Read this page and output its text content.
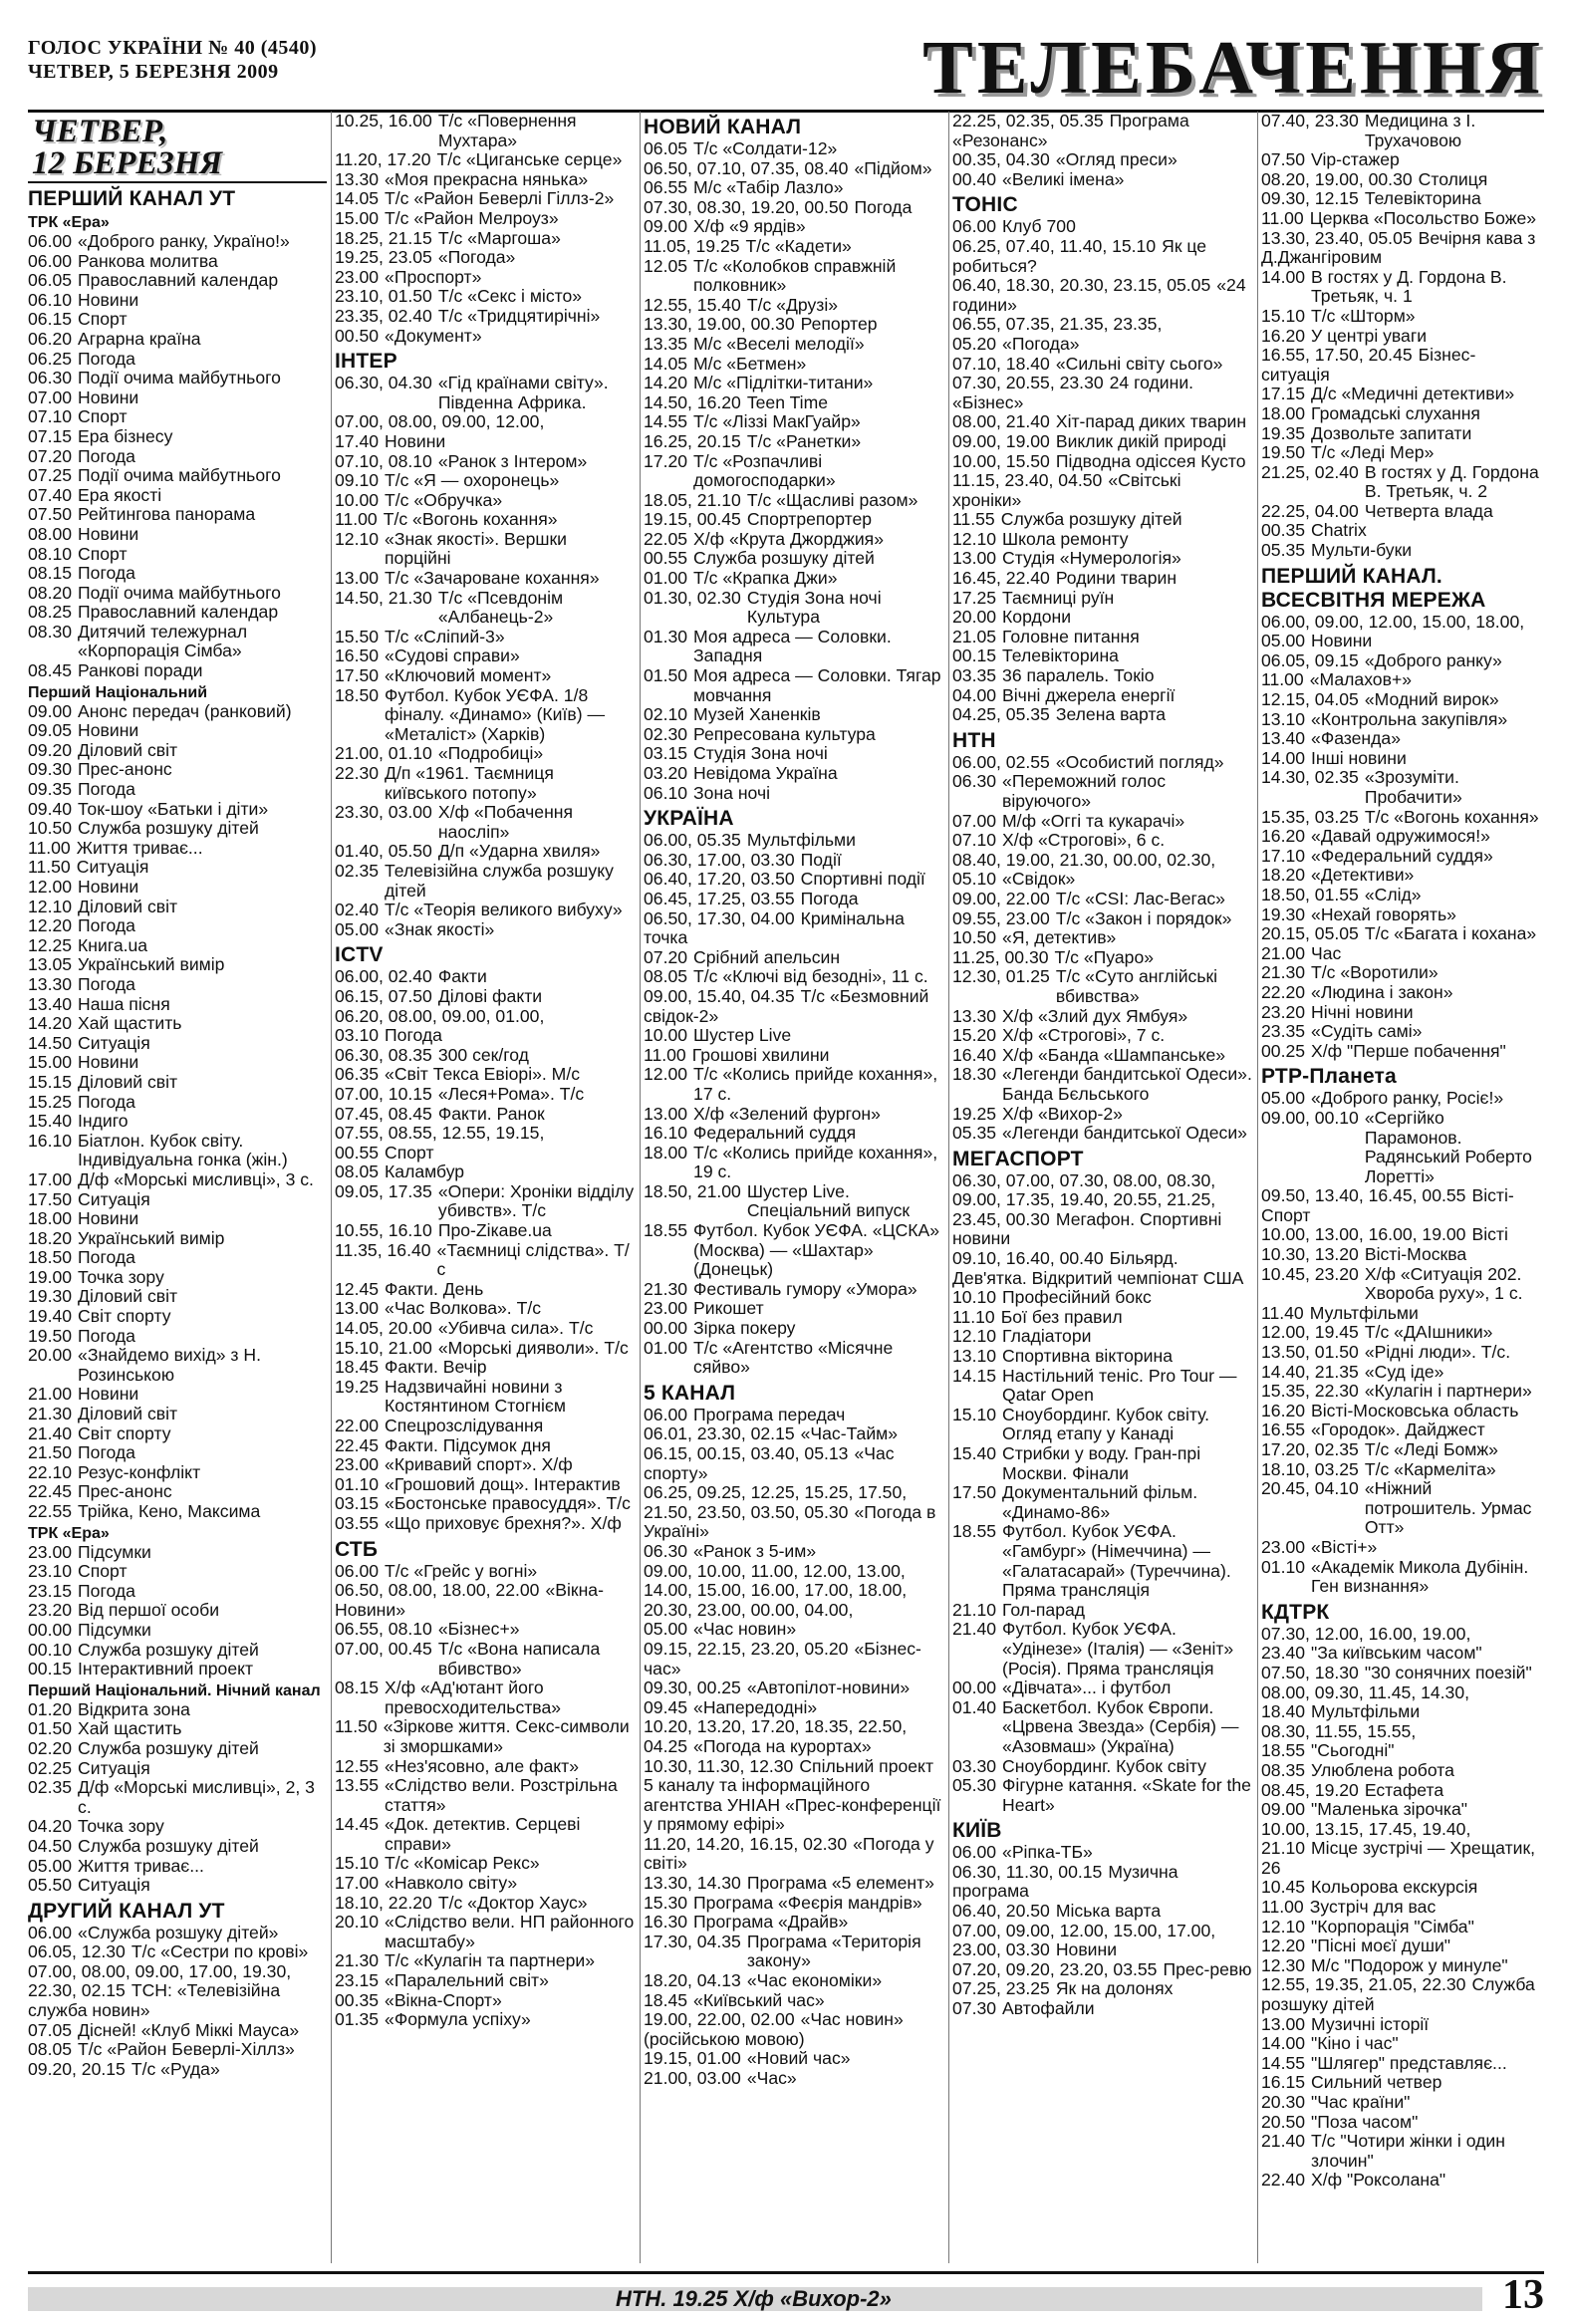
ГОЛОС УКРАЇНИ № 40 (4540)
ЧЕТВЕР, 5 БЕРЕЗНЯ 2009	ТЕЛЕБАЧЕННЯ
ЧЕТВЕР,
12 БЕРЕЗНЯ
ПЕРШИЙ КАНАЛ УТ
ТРК «Ера»
06.00 «Доброго ранку, Україно!»
06.00 Ранкова молитва
06.05 Православний календар
06.10 Новини
06.15 Спорт
06.20 Аграрна країна
06.25 Погода
06.30 Події очима майбутнього
07.00 Новини
07.10 Спорт
07.15 Ера бізнесу
07.20 Погода
07.25 Події очима майбутнього
07.40 Ера якості
07.50 Рейтингова панорама
08.00 Новини
08.10 Спорт
08.15 Погода
08.20 Події очима майбутнього
08.25 Православний календар
08.30 Дитячий тележурнал «Корпорація Сімба»
08.45 Ранкові поради
Перший Національний
09.00 Анонс передач (ранковий)
09.05 Новини
09.20 Діловий світ
09.30 Прес-анонс
09.35 Погода
09.40 Ток-шоу «Батьки і діти»
10.50 Служба розшуку дітей
11.00 Життя триває...
11.50 Ситуація
12.00 Новини
12.10 Діловий світ
12.20 Погода
12.25 Книга.ua
13.05 Український вимір
13.30 Погода
13.40 Наша пісня
14.20 Хай щастить
14.50 Ситуація
15.00 Новини
15.15 Діловий світ
15.25 Погода
15.40 Індиго
16.10 Біатлон. Кубок світу. Індивідуальна гонка (жін.)
17.00 Д/ф «Морські мисливці», 3 с.
17.50 Ситуація
18.00 Новини
18.20 Український вимір
18.50 Погода
19.00 Точка зору
19.30 Діловий світ
19.40 Світ спорту
19.50 Погода
20.00 «Знайдемо вихід» з Н. Розинською
21.00 Новини
21.30 Діловий світ
21.40 Світ спорту
21.50 Погода
22.10 Резус-конфлікт
22.45 Прес-анонс
22.55 Трійка, Кено, Максима
ТРК «Ера»
23.00 Підсумки
23.10 Спорт
23.15 Погода
23.20 Від першої особи
00.00 Підсумки
00.10 Служба розшуку дітей
00.15 Інтерактивний проект
Перший Національний. Нічний канал
01.20 Відкрита зона
01.50 Хай щастить
02.20 Служба розшуку дітей
02.25 Ситуація
02.35 Д/ф «Морські мисливці», 2, 3 с.
04.20 Точка зору
04.50 Служба розшуку дітей
05.00 Життя триває...
05.50 Ситуація
ДРУГИЙ КАНАЛ УТ
06.00 «Служба розшуку дітей»
06.05, 12.30 Т/с «Сестри по крові»
07.00, 08.00, 09.00, 17.00, 19.30, 22.30, 02.15 ТСН: «Телевізійна служба новин»
07.05 Дісней! «Клуб Міккі Мауса»
08.05 Т/с «Район Беверлі-Хіллз»
09.20, 20.15 Т/с «Руда»
10.25, 16.00 Т/с «Повернення Мухтара»
11.20, 17.20 Т/с «Циганське серце»
13.30 «Моя прекрасна нянька»
14.05 Т/с «Район Беверлі Гіллз-2»
15.00 Т/с «Район Мелроуз»
18.25, 21.15 Т/с «Маргоша»
19.25, 23.05 «Погода»
23.00 «Проспорт»
23.10, 01.50 Т/с «Секс і місто»
23.35, 02.40 Т/с «Тридцятирічні»
00.50 «Документ»
ІНТЕР
06.30, 04.30 «Гід країнами світу». Південна Африка.
07.00, 08.00, 09.00, 12.00, 17.40 Новини
07.10, 08.10 «Ранок з Інтером»
09.10 Т/с «Я — охоронець»
10.00 Т/с «Обручка»
11.00 Т/с «Вогонь кохання»
12.10 «Знак якості». Вершки порційні
13.00 Т/с «Зачароване кохання»
14.50, 21.30 Т/с «Псевдонім «Албанець-2»
15.50 Т/с «Сліпий-3»
16.50 «Судові справи»
17.50 «Ключовий момент»
18.50 Футбол. Кубок УЄФА. 1/8 фіналу. «Динамо» (Київ) — «Металіст» (Харків)
21.00, 01.10 «Подробиці»
22.30 Д/п «1961. Таємниця київського потопу»
23.30, 03.00 Х/ф «Побачення наосліп»
01.40, 05.50 Д/п «Ударна хвиля»
02.35 Телевізійна служба розшуку дітей
02.40 Т/с «Теорія великого вибуху»
05.00 «Знак якості»
ICTV
06.00, 02.40 Факти
06.15, 07.50 Ділові факти
06.20, 08.00, 09.00, 01.00, 03.10 Погода
06.30, 08.35 300 сек/год
06.35 «Світ Текса Евіорі». М/с
07.00, 10.15 «Леся+Рома». Т/с
07.45, 08.45 Факти. Ранок
07.55, 08.55, 12.55, 19.15, 00.55 Спорт
08.05 Каламбур
09.05, 17.35 «Опери: Хроніки відділу убивств». Т/с
10.55, 16.10 Про-Zікаве.ua
11.35, 16.40 «Таємниці слідства». Т/с
12.45 Факти. День
13.00 «Час Волкова». Т/с
14.05, 20.00 «Убивча сила». Т/с
15.10, 21.00 «Морські дияволи». Т/с
18.45 Факти. Вечір
19.25 Надзвичайні новини з Костянтином Стогнієм
22.00 Спецрозслідування
22.45 Факти. Підсумок дня
23.00 «Кривавий спорт». Х/ф
01.10 «Грошовий дощ». Інтерактив
03.15 «Бостонське правосуддя». Т/с
03.55 «Що приховує брехня?». Х/ф
СТБ
06.00 Т/с «Грейс у вогні»
06.50, 08.00, 18.00, 22.00 «Вікна-Новини»
06.55, 08.10 «Бізнес+»
07.00, 00.45 Т/с «Вона написала вбивство»
08.15 Х/ф «Ад'ютант його превосходительства»
11.50 «Зіркове життя. Секс-символи зі зморшками»
12.55 «Нез'ясовно, але факт»
13.55 «Слідство вели. Розстрільна стаття»
14.45 «Док. детектив. Серцеві справи»
15.10 Т/с «Комісар Рекс»
17.00 «Навколо світу»
18.10, 22.20 Т/с «Доктор Хаус»
20.10 «Слідство вели. НП районного масштабу»
21.30 Т/с «Кулагін та партнери»
23.15 «Паралельний світ»
00.35 «Вікна-Спорт»
01.35 «Формула успіху»
НОВИЙ КАНАЛ
06.05 Т/с «Солдати-12»
06.50, 07.10, 07.35, 08.40 «Підйом»
06.55 М/с «Табір Лазло»
07.30, 08.30, 19.20, 00.50 Погода
09.00 Х/ф «9 ярдів»
11.05, 19.25 Т/с «Кадети»
12.05 Т/с «Колобков справжній полковник»
12.55, 15.40 Т/с «Друзі»
13.30, 19.00, 00.30 Репортер
13.35 М/с «Веселі мелодії»
14.05 М/с «Бетмен»
14.20 М/с «Підлітки-титани»
14.50, 16.20 Teen Time
14.55 Т/с «Ліззі МакГуайр»
16.25, 20.15 Т/с «Ранетки»
17.20 Т/с «Розпачливі домогосподарки»
18.05, 21.10 Т/с «Щасливі разом»
19.15, 00.45 Спортрепортер
22.05 Х/ф «Крута Джорджия»
00.55 Служба розшуку дітей
01.00 Т/с «Крапка Джи»
01.30, 02.30 Студія Зона ночі Культура
01.30 Моя адреса — Соловки. Западня
01.50 Моя адреса — Соловки. Тягар мовчання
02.10 Музей Ханенків
02.30 Репресована культура
03.15 Студія Зона ночі
03.20 Невідома Україна
06.10 Зона ночі
УКРАЇНА
06.00, 05.35 Мультфільми
06.30, 17.00, 03.30 Події
06.40, 17.20, 03.50 Спортивні події
06.45, 17.25, 03.55 Погода
06.50, 17.30, 04.00 Кримінальна точка
07.20 Срібний апельсин
08.05 Т/с «Ключі від безодні», 11 с.
09.00, 15.40, 04.35 Т/с «Безмовний свідок-2»
10.00 Шустер Live
11.00 Грошові хвилини
12.00 Т/с «Колись прийде кохання», 17 с.
13.00 Х/ф «Зелений фургон»
16.10 Федеральний суддя
18.00 Т/с «Колись прийде кохання», 19 с.
18.50, 21.00 Шустер Live. Спеціальний випуск
18.55 Футбол. Кубок УЄФА. «ЦСКА» (Москва) — «Шахтар» (Донецьк)
21.30 Фестиваль гумору «Умора»
23.00 Рикошет
00.00 Зірка покеру
01.00 Т/с «Агентство «Місячне сяйво»
5 КАНАЛ
06.00 Програма передач
06.01, 23.30, 02.15 «Час-Тайм»
06.15, 00.15, 03.40, 05.13 «Час спорту»
06.25, 09.25, 12.25, 15.25, 17.50, 21.50, 23.50, 03.50, 05.30 «Погода в Україні»
06.30 «Ранок з 5-им»
09.00, 10.00, 11.00, 12.00, 13.00, 14.00, 15.00, 16.00, 17.00, 18.00, 20.30, 23.00, 00.00, 04.00, 05.00 «Час новин»
09.15, 22.15, 23.20, 05.20 «Бізнес-час»
09.30, 00.25 «Автопілот-новини»
09.45 «Напередодні»
10.20, 13.20, 17.20, 18.35, 22.50, 04.25 «Погода на курортах»
10.30, 11.30, 12.30 Спільний проект 5 каналу та інформаційного агентства УНІАН «Прес-конференції у прямому ефірі»
11.20, 14.20, 16.15, 02.30 «Погода у світі»
13.30, 14.30 Програма «5 елемент»
15.30 Програма «Феєрія мандрів»
16.30 Програма «Драйв»
17.30, 04.35 Програма «Територія закону»
18.20, 04.13 «Час економіки»
18.45 «Київський час»
19.00, 22.00, 02.00 «Час новин» (російською мовою)
19.15, 01.00 «Новий час»
21.00, 03.00 «Час»
22.25, 02.35, 05.35 Програма «Резонанс»
00.35, 04.30 «Огляд преси»
00.40 «Великі імена»
ТОНІС
06.00 Клуб 700
06.25, 07.40, 11.40, 15.10 Як це робиться?
06.40, 18.30, 20.30, 23.15, 05.05 «24 години»
06.55, 07.35, 21.35, 23.35, 05.20 «Погода»
07.10, 18.40 «Сильні світу сього»
07.30, 20.55, 23.30 24 години. «Бізнес»
08.00, 21.40 Хіт-парад диких тварин
09.00, 19.00 Виклик дикій природі
10.00, 15.50 Підводна одіссея Кусто
11.15, 23.40, 04.50 «Світські хроніки»
11.55 Служба розшуку дітей
12.10 Школа ремонту
13.00 Студія «Нумерологія»
16.45, 22.40 Родини тварин
17.25 Таємниці руїн
20.00 Кордони
21.05 Головне питання
00.15 Телевікторина
03.35 36 паралель. Токіо
04.00 Вічні джерела енергії
04.25, 05.35 Зелена варта
НТН
06.00, 02.55 «Особистий погляд»
06.30 «Переможний голос віруючого»
07.00 М/ф «Оггі та кукарачі»
07.10 Х/ф «Строгові», 6 с.
08.40, 19.00, 21.30, 00.00, 02.30, 05.10 «Свідок»
09.00, 22.00 Т/с «CSI: Лас-Вегас»
09.55, 23.00 Т/с «Закон і порядок»
10.50 «Я, детектив»
11.25, 00.30 Т/с «Пуаро»
12.30, 01.25 Т/с «Суто англійські вбивства»
13.30 Х/ф «Злий дух Ямбуя»
15.20 Х/ф «Строгові», 7 с.
16.40 Х/ф «Банда «Шампанське»
18.30 «Легенди бандитської Одеси». Банда Бєльського
19.25 Х/ф «Вихор-2»
05.35 «Легенди бандитської Одеси»
МЕГАСПОРТ
06.30, 07.00, 07.30, 08.00, 08.30, 09.00, 17.35, 19.40, 20.55, 21.25, 23.45, 00.30 Мегафон. Спортивні новини
09.10, 16.40, 00.40 Більярд. Дев'ятка. Відкритий чемпіонат США
10.10 Професійний бокс
11.10 Бої без правил
12.10 Гладіатори
13.10 Спортивна вікторина
14.15 Настільний теніс. Pro Tour — Qatar Open
15.10 Сноубординг. Кубок світу. Огляд етапу у Канаді
15.40 Стрибки у воду. Гран-прі Москви. Фінали
17.50 Документальний фільм. «Динамо-86»
18.55 Футбол. Кубок УЄФА. «Гамбург» (Німеччина) — «Галатасарай» (Туреччина). Пряма трансляція
21.10 Гол-парад
21.40 Футбол. Кубок УЄФА. «Удінезе» (Італія) — «Зеніт» (Росія). Пряма трансляція
00.00 «Дівчата»... і футбол
01.40 Баскетбол. Кубок Європи. «Црвена Звезда» (Сербія) — «Азовмаш» (Україна)
03.30 Сноубординг. Кубок світу
05.30 Фігурне катання. «Skate for the Heart»
КИЇВ
06.00 «Ріпка-ТБ»
06.30, 11.30, 00.15 Музична програма
06.40, 20.50 Міська варта
07.00, 09.00, 12.00, 15.00, 17.00, 23.00, 03.30 Новини
07.20, 09.20, 23.20, 03.55 Прес-ревю
07.25, 23.25 Як на долонях
07.30 Автофайли
07.40, 23.30 Медицина з І. Трухачовою
07.50 Vip-стажер
08.20, 19.00, 00.30 Столиця
09.30, 12.15 Телевікторина
11.00 Церква «Посольство Боже»
13.30, 23.40, 05.05 Вечірня кава з Д.Джангіровим
14.00 В гостях у Д. Гордона В. Третьяк, ч. 1
15.10 Т/с «Шторм»
16.20 У центрі уваги
16.55, 17.50, 20.45 Бізнес-ситуація
17.15 Д/с «Медичні детективи»
18.00 Громадські слухання
19.35 Дозвольте запитати
19.50 Т/с «Леді Мер»
21.25, 02.40 В гостях у Д. Гордона В. Третьяк, ч. 2
22.25, 04.00 Четверта влада
00.35 Chatrix
05.35 Мульти-буки
ПЕРШИЙ КАНАЛ. ВСЕСВІТНЯ МЕРЕЖА
06.00, 09.00, 12.00, 15.00, 18.00, 05.00 Новини
06.05, 09.15 «Доброго ранку»
11.00 «Малахов+»
12.15, 04.05 «Модний вирок»
13.10 «Контрольна закупівля»
13.40 «Фазенда»
14.00 Інші новини
14.30, 02.35 «Зрозуміти. Пробачити»
15.35, 03.25 Т/с «Вогонь кохання»
16.20 «Давай одружимося!»
17.10 «Федеральний суддя»
18.20 «Детективи»
18.50, 01.55 «Слід»
19.30 «Нехай говорять»
20.15, 05.05 Т/с «Багата і кохана»
21.00 Час
21.30 Т/с «Воротили»
22.20 «Людина і закон»
23.20 Нічні новини
23.35 «Судіть самі»
00.25 Х/ф "Перше побачення"
РТР-Планета
05.00 «Доброго ранку, Росіє!»
09.00, 00.10 «Сергійко Парамонов. Радянський Роберто Лоретті»
09.50, 13.40, 16.45, 00.55 Вісті-Спорт
10.00, 13.00, 16.00, 19.00 Вісті
10.30, 13.20 Вісті-Москва
10.45, 23.20 Х/ф «Ситуація 202. Хвороба руху», 1 с.
11.40 Мультфільми
12.00, 19.45 Т/с «ДАІшники»
13.50, 01.50 «Рідні люди». Т/с.
14.40, 21.35 «Суд іде»
15.35, 22.30 «Кулагін і партнери»
16.20 Вісті-Московська область
16.55 «Городок». Дайджест
17.20, 02.35 Т/с «Леді Бомж»
18.10, 03.25 Т/с «Кармеліта»
20.45, 04.10 «Ніжний потрошитель. Урмас Отт»
23.00 «Вісті+»
01.10 «Академік Микола Дубінін. Ген визнання»
КДТРК
07.30, 12.00, 16.00, 19.00, 23.40 "За київським часом"
07.50, 18.30 "30 сонячних поезій"
08.00, 09.30, 11.45, 14.30, 18.40 Мультфільми
08.30, 11.55, 15.55, 18.55 "Сьогодні"
08.35 Улюблена робота
08.45, 19.20 Естафета
09.00 "Маленька зірочка"
10.00, 13.15, 17.45, 19.40, 21.10 Місце зустрічі — Хрещатик, 26
10.45 Кольорова екскурсія
11.00 Зустріч для вас
12.10 "Корпорація "Сімба"
12.20 "Пісні моєї души"
12.30 М/с "Подорож у минуле"
12.55, 19.35, 21.05, 22.30 Служба розшуку дітей
13.00 Музичні історії
14.00 "Кіно і час"
14.55 "Шлягер" представляє...
16.15 Сильний четвер
20.30 "Час країни"
20.50 "Поза часом"
21.40 Т/с "Чотири жінки і один злочин"
22.40 Х/ф "Роксолана"
НТН. 19.25 Х/ф «Вихор-2»	13
